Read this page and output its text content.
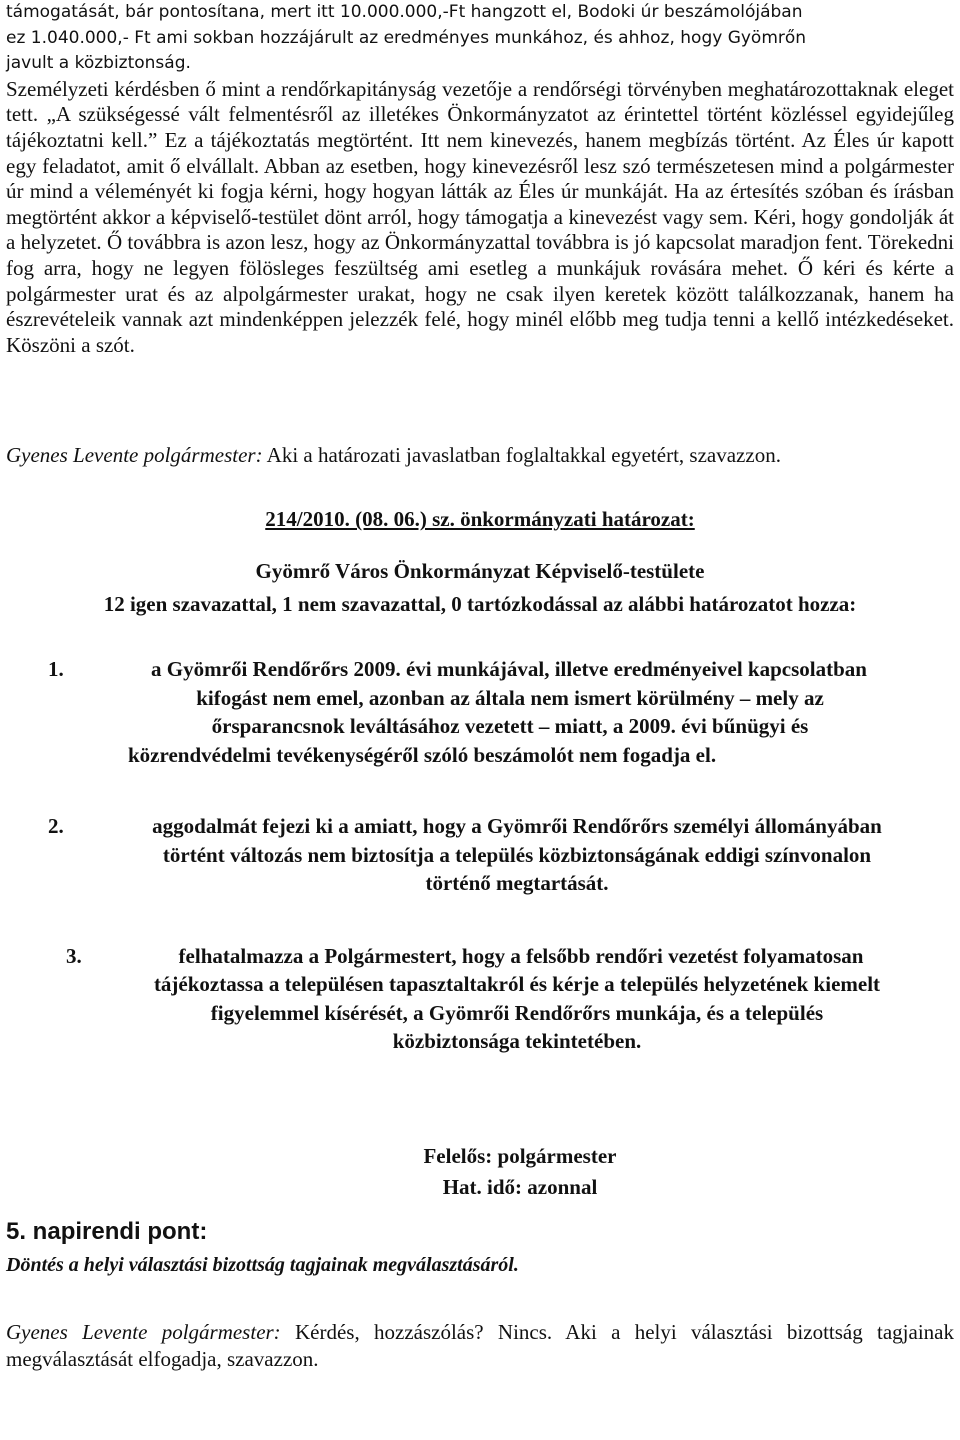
támogatását, bár pontosítana, mert itt 10.000.000,-Ft hangzott el, Bodoki úr beszámolójában
ez 1.040.000,- Ft ami sokban hozzájárult az eredményes munkához, és ahhoz, hogy Gyömrőn
javult a közbiztonság.

Személyzeti kérdésben ő mint a rendőrkapitányság vezetője a rendőrségi törvényben meghatározottaknak eleget tett. „A szükségessé vált felmentésről az illetékes Önkormányzatot az érintettel történt közléssel egyidejűleg tájékoztatni kell.” Ez a tájékoztatás megtörtént. Itt nem kinevezés, hanem megbízás történt. Az Éles úr kapott egy feladatot, amit ő elvállalt. Abban az esetben, hogy kinevezésről lesz szó természetesen mind a polgármester úr mind a véleményét ki fogja kérni, hogy hogyan látták az Éles úr munkáját. Ha az értesítés szóban és írásban megtörtént akkor a képviselő-testület dönt arról, hogy támogatja a kinevezést vagy sem. Kéri, hogy gondolják át a helyzetet. Ő továbbra is azon lesz, hogy az Önkormányzattal továbbra is jó kapcsolat maradjon fent. Törekedni fog arra, hogy ne legyen fölösleges feszültség ami esetleg a munkájuk rovására mehet. Ő kéri és kérte a polgármester urat és az alpolgármester urakat, hogy ne csak ilyen keretek között találkozzanak, hanem ha észrevételeik vannak azt mindenképpen jelezzék felé, hogy minél előbb meg tudja tenni a kellő intézkedéseket. Köszöni a szót.

Gyenes Levente polgármester: Aki a határozati javaslatban foglaltakkal egyetért, szavazzon.

214/2010. (08. 06.) sz. önkormányzati határozat:

Gyömrő Város Önkormányzat Képviselő-testülete

12 igen szavazattal, 1 nem szavazattal, 0 tartózkodással az alábbi határozatot hozza:

1.	a Gyömrői Rendőrőrs 2009. évi munkájával, illetve eredményeivel kapcsolatban
kifogást nem emel, azonban az általa nem ismert körülmény – mely az
őrsparancsnok leváltásához vezetett – miatt, a 2009. évi bűnügyi és
közrendvédelmi tevékenységéről szóló beszámolót nem fogadja el.
2.	aggodalmát fejezi ki a amiatt, hogy a Gyömrői Rendőrőrs személyi állományában
történt változás nem biztosítja a település közbiztonságának eddigi színvonalon
történő megtartását.
3.	felhatalmazza a Polgármestert, hogy a felsőbb rendőri vezetést folyamatosan
tájékoztassa a településen tapasztaltakról és kérje a település helyzetének kiemelt
figyelemmel kísérését, a Gyömrői Rendőrőrs munkája, és a település
közbiztonsága tekintetében.

Felelős: polgármester

Hat. idő: azonnal

5. napirendi pont:

Döntés a helyi választási bizottság tagjainak megválasztásáról.

Gyenes Levente polgármester: Kérdés, hozzászólás? Nincs. Aki a helyi választási bizottság tagjainak megválasztását elfogadja, szavazzon.
